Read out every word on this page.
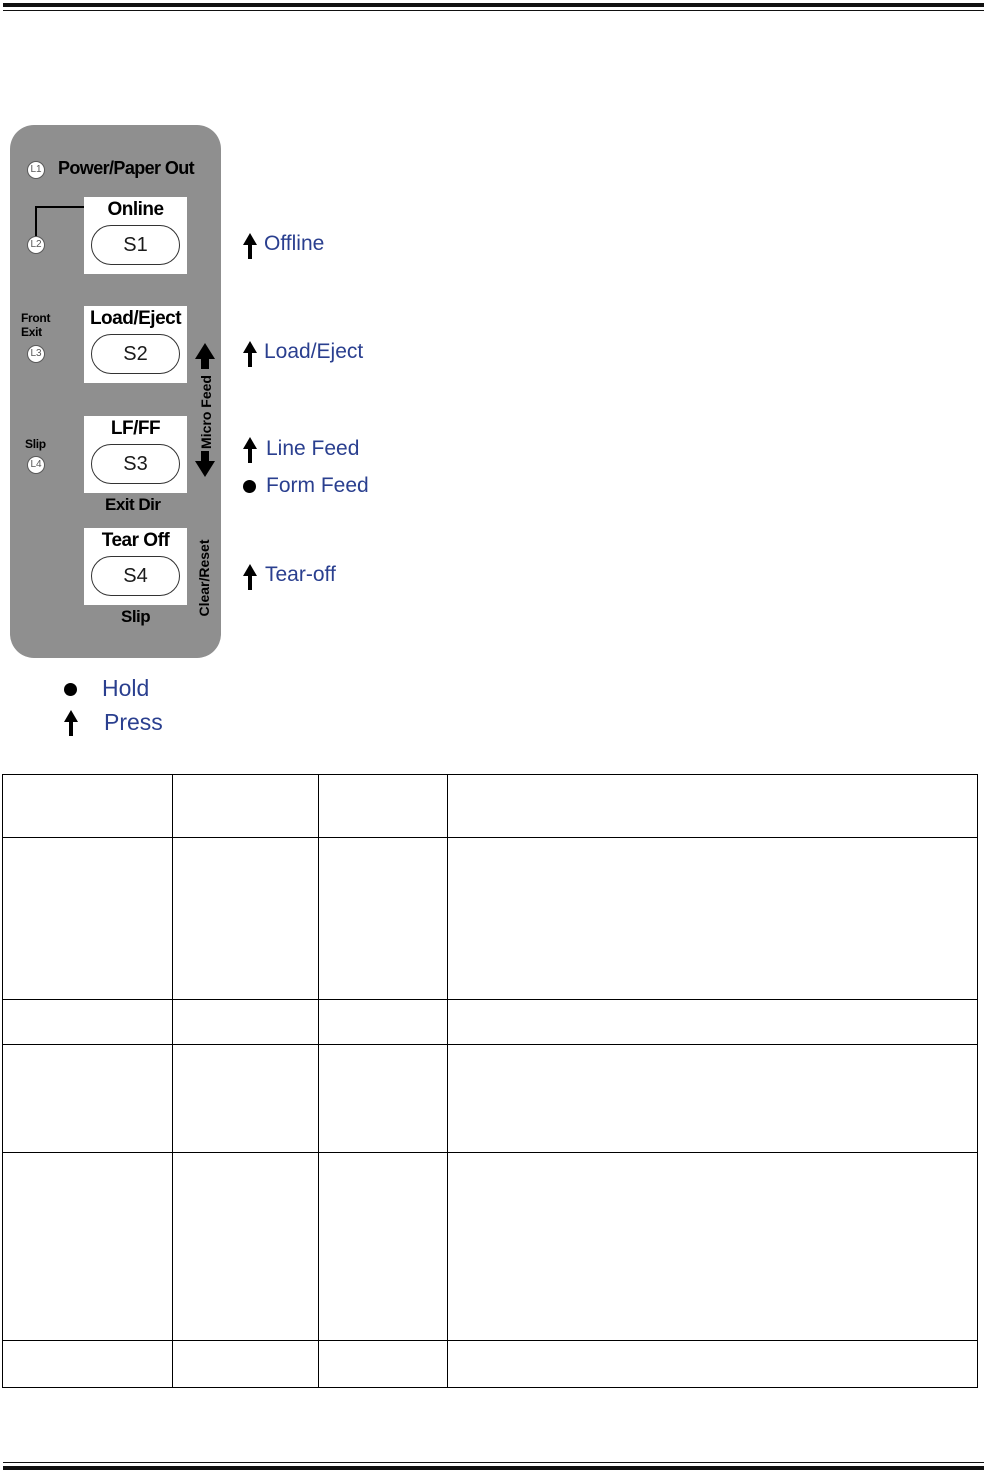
L1 Power/Paper Out
L2
Front
Exit
L3
Slip
L4
Online
S1
Load/Eject
S2
LF/FF
S3
Exit Dir
Tear Off
S4
Slip
Micro Feed
Clear/Reset
Offline
Load/Eject
Line Feed
Form Feed
Tear-off
Hold
Press
